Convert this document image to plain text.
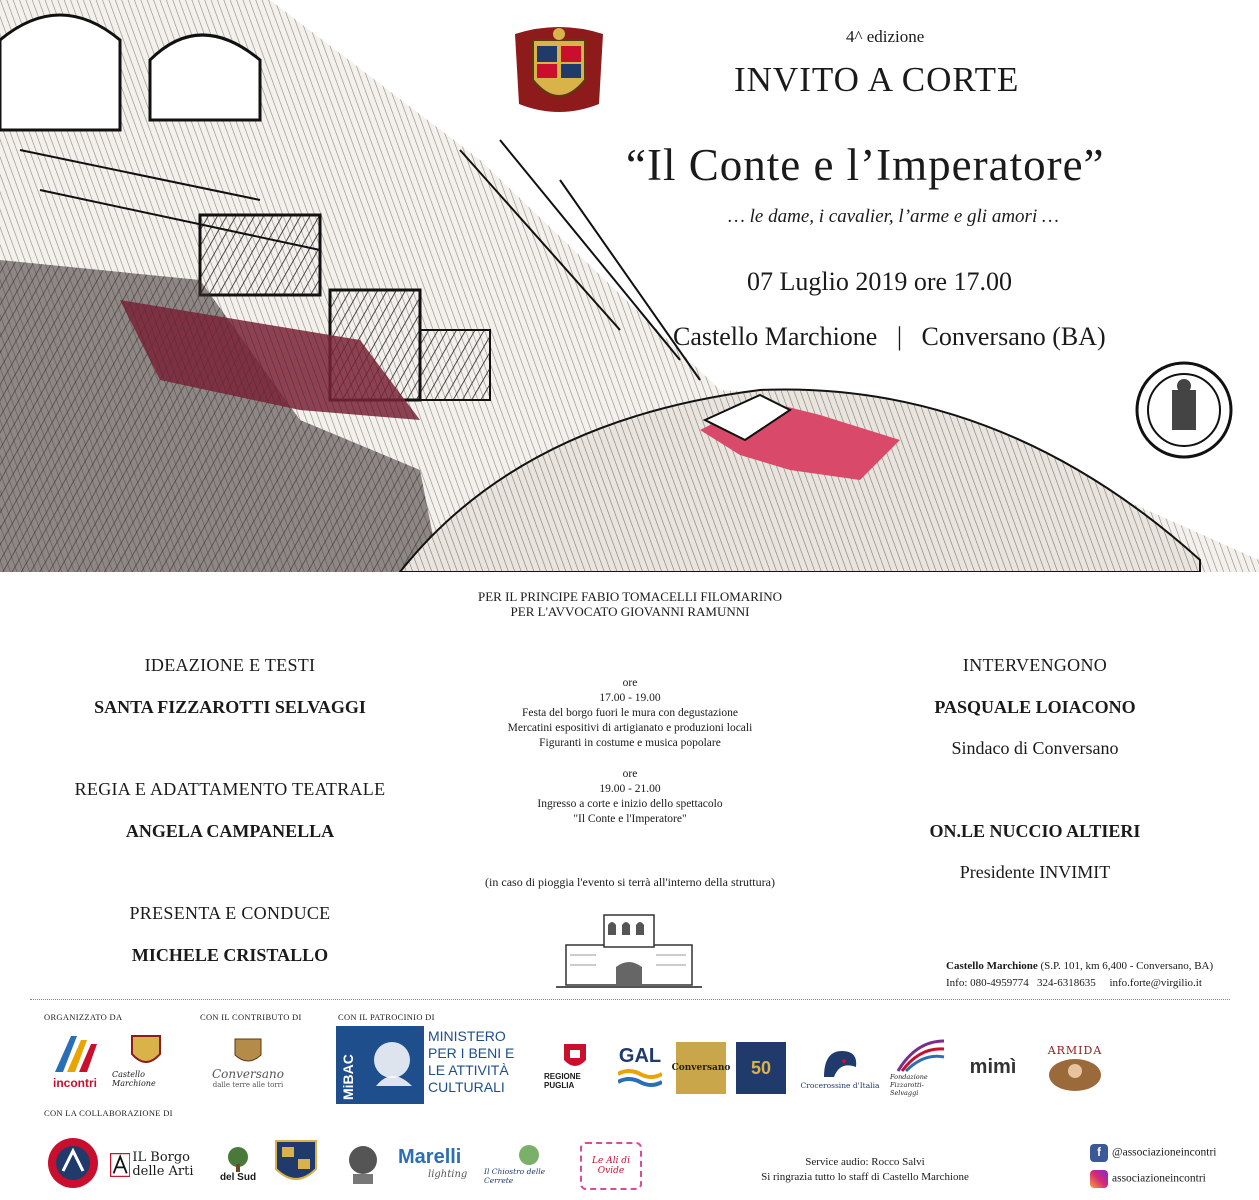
4^ edizione
INVITO A CORTE
“Il Conte e l’Imperatore”
… le dame, i cavalier, l’arme e gli amori …
07 Luglio 2019 ore 17.00
Castello Marchione   |   Conversano (BA)
PER IL PRINCIPE FABIO TOMACELLI FILOMARINO
PER L'AVVOCATO GIOVANNI RAMUNNI
IDEAZIONE E TESTI
SANTA FIZZAROTTI SELVAGGI
REGIA E ADATTAMENTO TEATRALE
ANGELA CAMPANELLA
PRESENTA E CONDUCE
MICHELE CRISTALLO
INTERVENGONO
PASQUALE LOIACONO
Sindaco di Conversano
ON.LE NUCCIO ALTIERI
Presidente INVIMIT
ore
17.00 - 19.00
Festa del borgo fuori le mura con degustazione
Mercatini espositivi di artigianato e produzioni locali
Figuranti in costume e musica popolare
ore
19.00 - 21.00
Ingresso a corte e inizio dello spettacolo
"Il Conte e l'Imperatore"
(in caso di pioggia l'evento si terrà all'interno della struttura)
Castello Marchione (S.P. 101, km 6,400 - Conversano, BA)
Info: 080-4959774   324-6318635     info.forte@virgilio.it
ORGANIZZATO DA	CON IL CONTRIBUTO DI	CON IL PATROCINIO DI
CON LA COLLABORAZIONE DI
incontri
Castello Marchione
Conversano
dalle terre alle torri	MiBAC
MINISTERO PER I BENI E LE ATTIVITÀ CULTURALI
REGIONE PUGLIA
GAL
Conversano 50
Crocerossine d'Italia
Fondazione Fizzarotti-Selvaggi
mimì
ARMIDA
IL Borgo delle Arti	del Sud
Marelli
lighting Il Chiostro delle Cerrete
Le Ali di Ovide
Service audio: Rocco Salvi
Si ringrazia tutto lo staff di Castello Marchione
f @associazioneincontri
associazioneincontri
